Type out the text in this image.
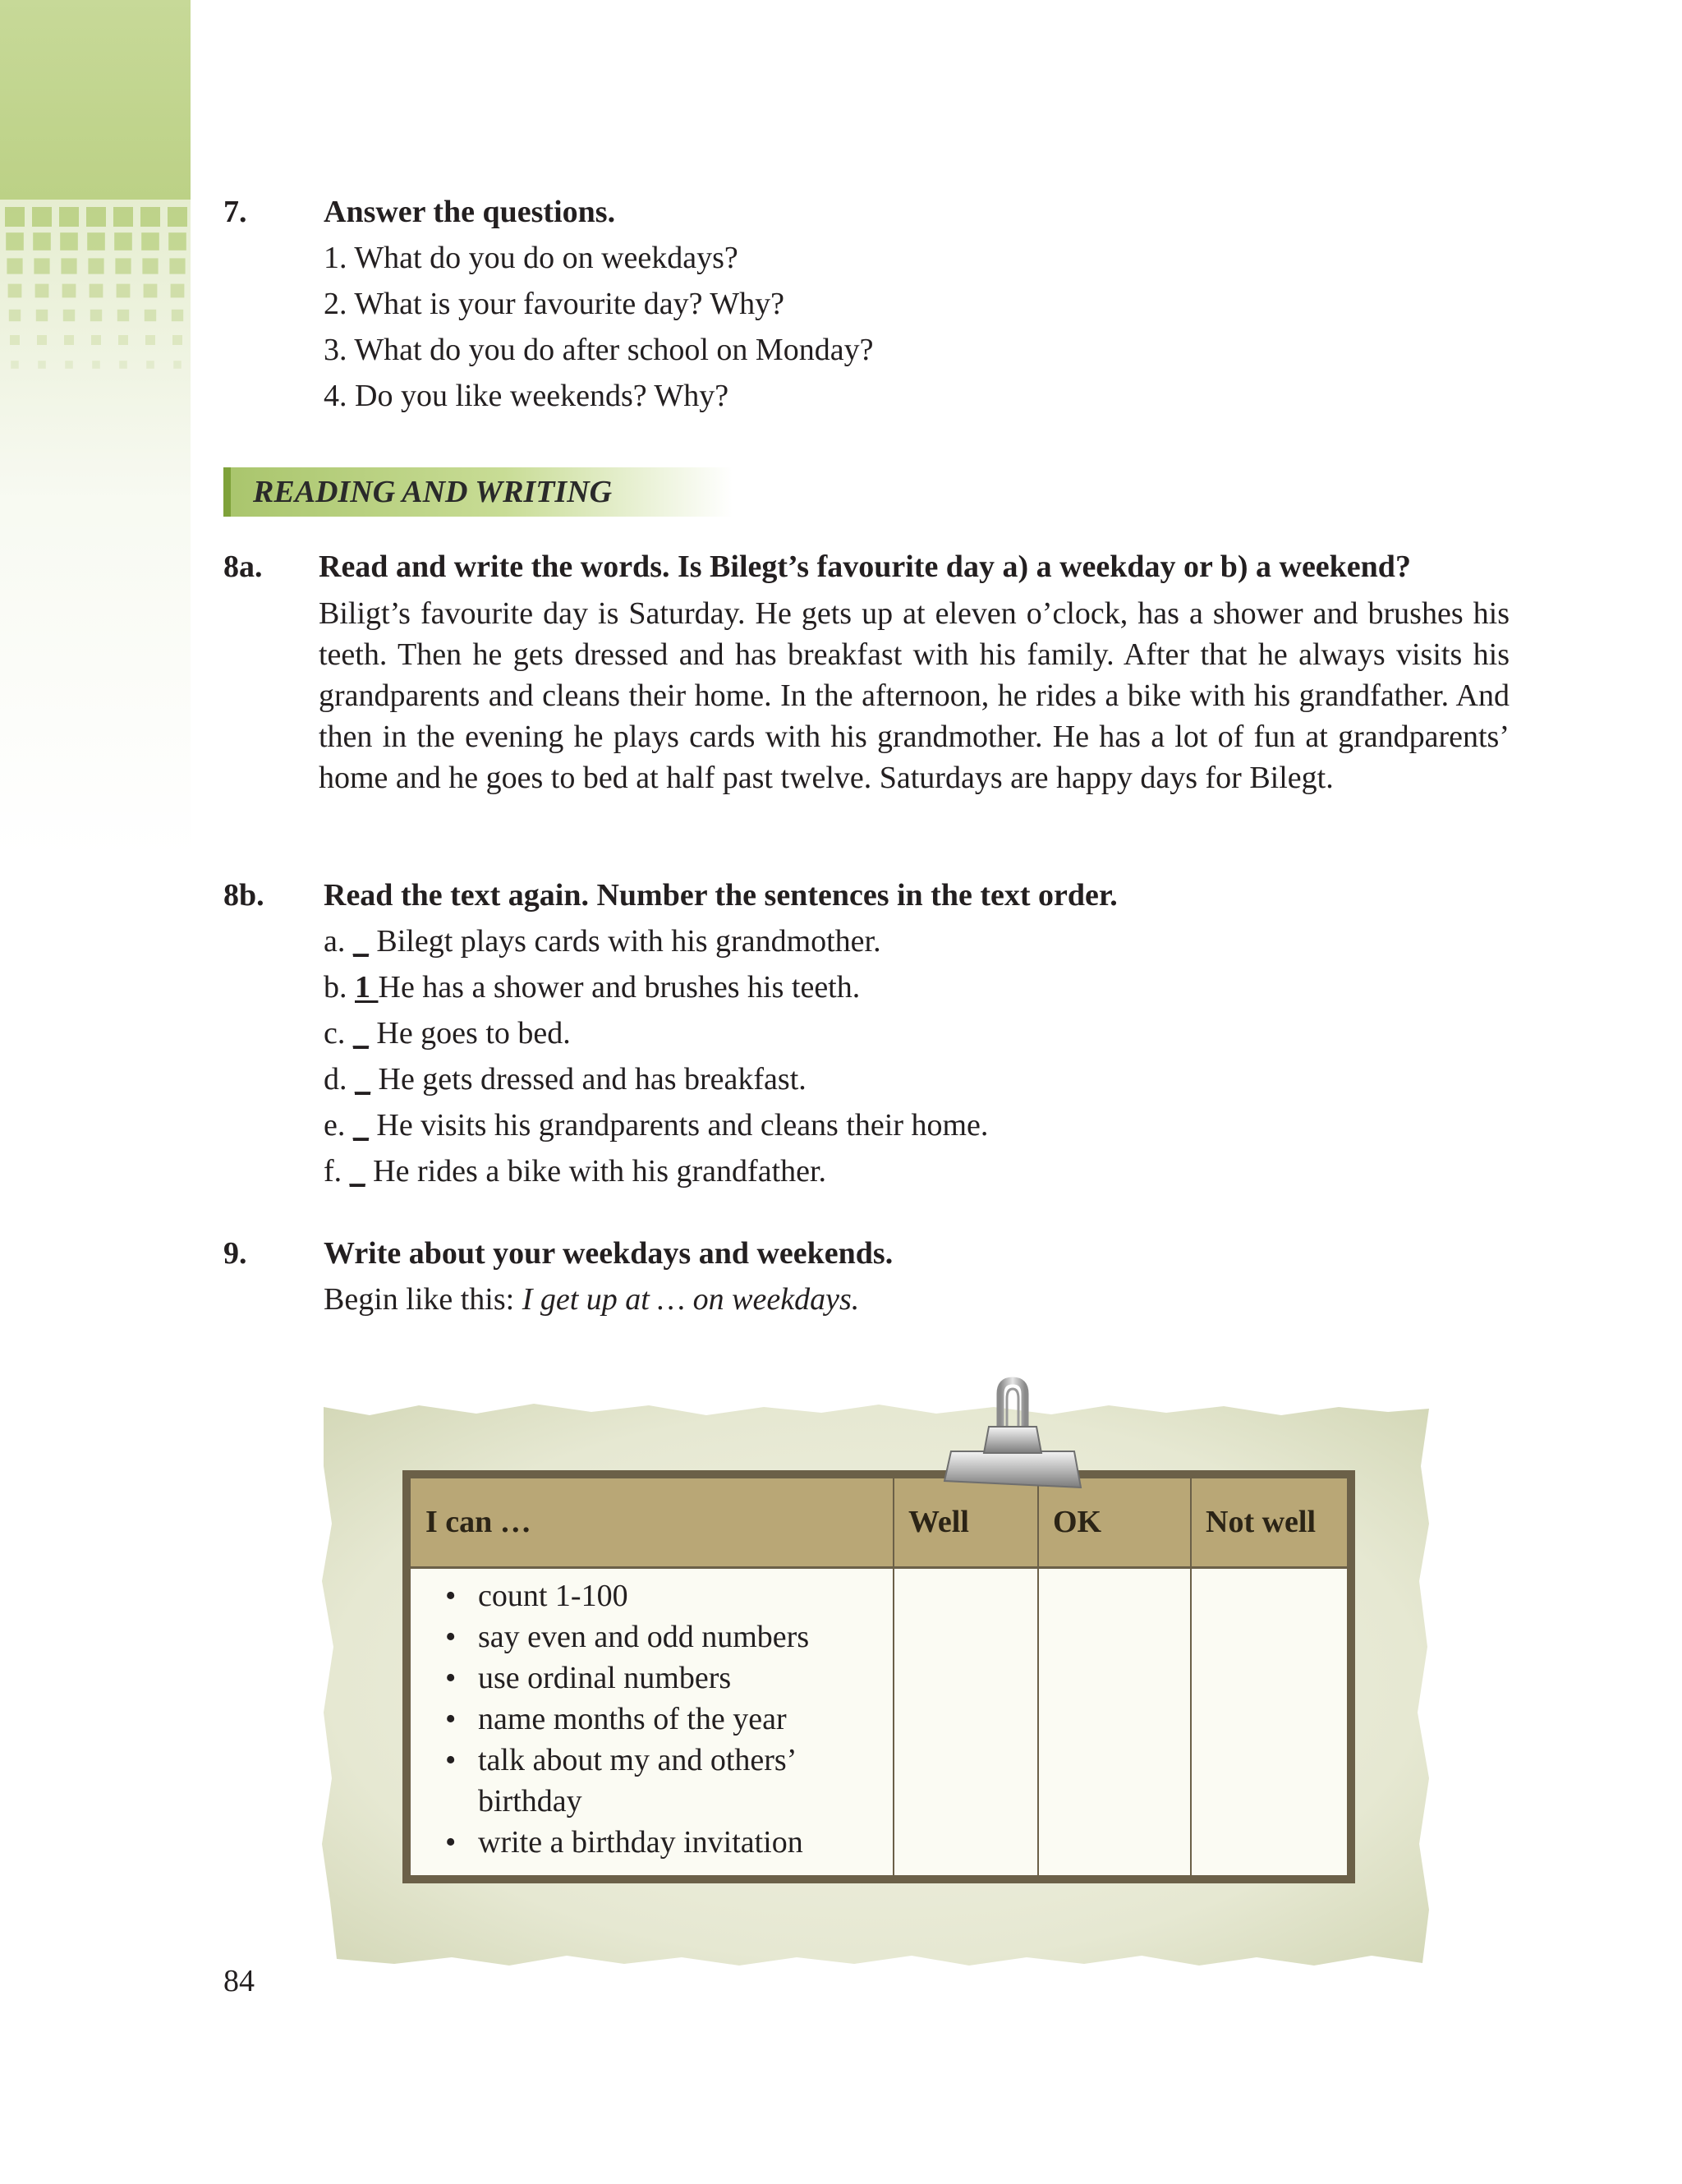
7. Answer the questions.
1. What do you do on weekdays?
2. What is your favourite day? Why?
3. What do you do after school on Monday?
4. Do you like weekends? Why?
READING AND WRITING
8a. Read and write the words. Is Bilegt’s favourite day a) a weekday or b) a weekend?
Biligt’s favourite day is Saturday. He gets up at eleven o’clock, has a shower and brushes his teeth. Then he gets dressed and has breakfast with his family. After that he always visits his grandparents and cleans their home. In the afternoon, he rides a bike with his grandfather. And then in the evening he plays cards with his grandmother. He has a lot of fun at grandparents’ home and he goes to bed at half past twelve. Saturdays are happy days for Bilegt.
8b. Read the text again. Number the sentences in the text order.
a. _ Bilegt plays cards with his grandmother.
b. 1 He has a shower and brushes his teeth.
c. _ He goes to bed.
d. _ He gets dressed and has breakfast.
e. _ He visits his grandparents and cleans their home.
f. _ He rides a bike with his grandfather.
9. Write about your weekdays and weekends.
Begin like this: I get up at … on weekdays.
I can …	Well	OK	Not well
• count 1-100
• say even and odd numbers
• use ordinal numbers
• name months of the year
• talk about my and others’ birthday
• write a birthday invitation
84
